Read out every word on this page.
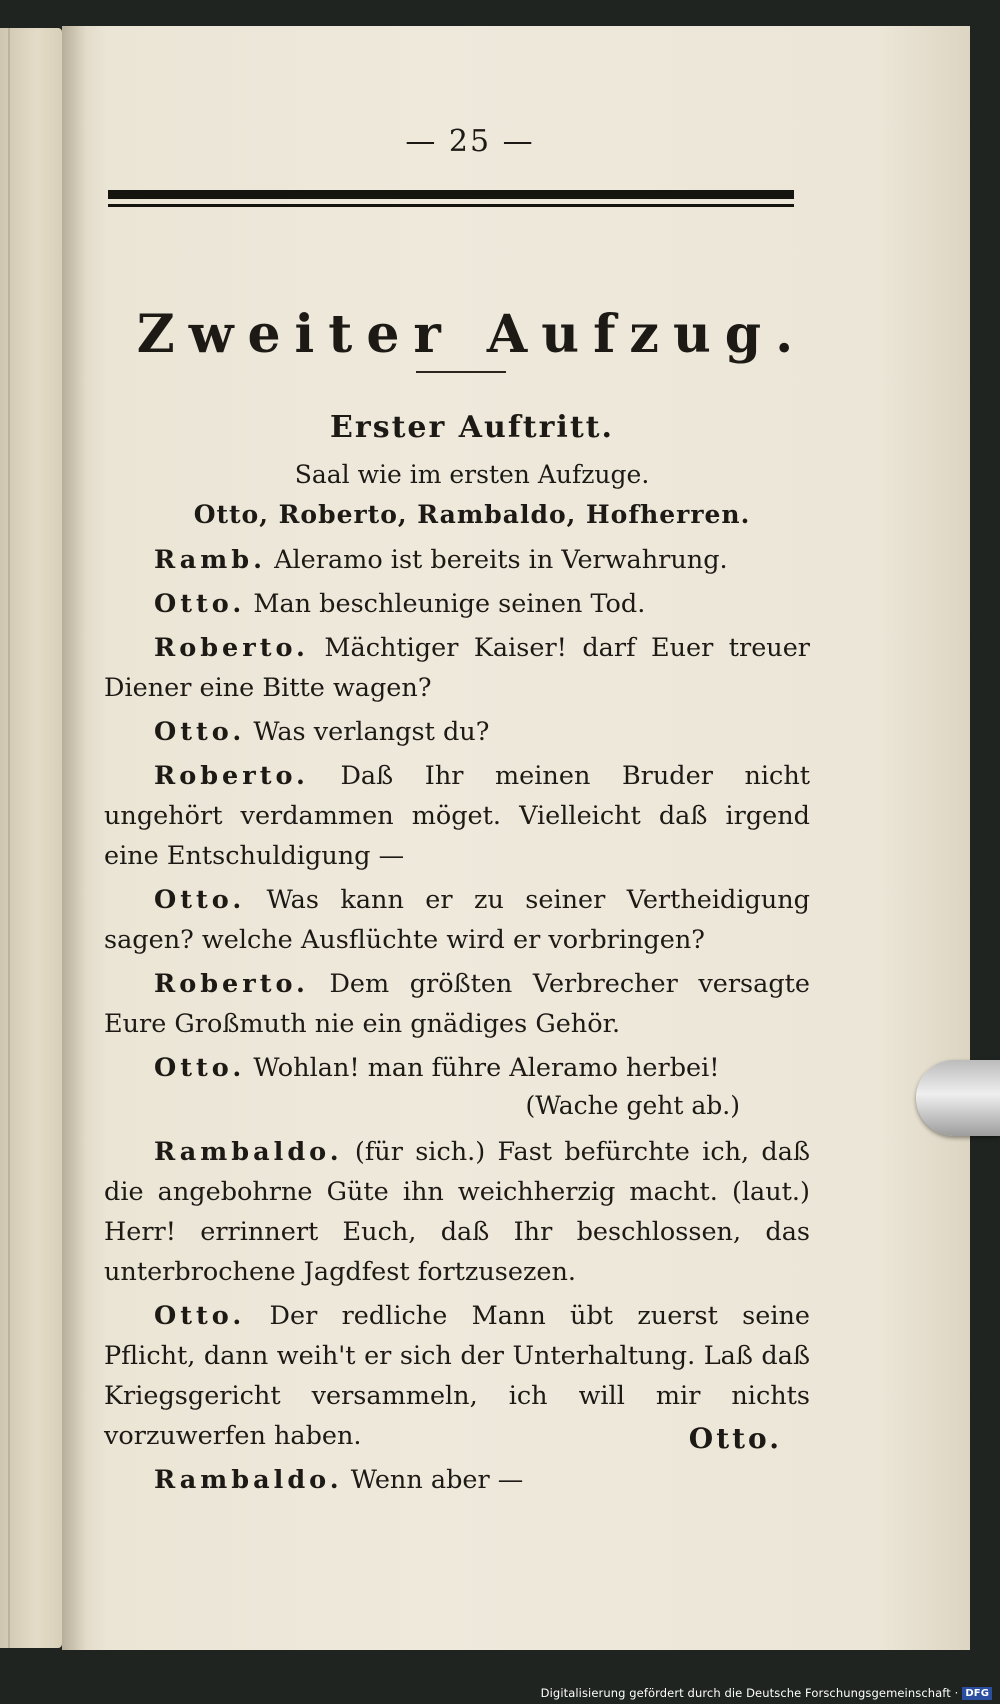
— 25 —
Zweiter Aufzug.
Erster Auftritt.
Saal wie im ersten Aufzuge.
Otto, Roberto, Rambaldo, Hofherren.

Ramb. Aleramo ist bereits in Verwahrung.

Otto. Man beschleunige seinen Tod.

Roberto. Mächtiger Kaiser! darf Euer treuer Diener eine Bitte wagen?

Otto. Was verlangst du?

Roberto. Daß Ihr meinen Bruder nicht ungehört verdammen möget. Vielleicht daß irgend eine Entschuldigung —

Otto. Was kann er zu seiner Vertheidigung sagen? welche Ausflüchte wird er vorbringen?

Roberto. Dem größten Verbrecher versagte Eure Großmuth nie ein gnädiges Gehör.

Otto. Wohlan! man führe Aleramo herbei!

(Wache geht ab.)

Rambaldo. (für sich.) Fast befürchte ich, daß die angebohrne Güte ihn weichherzig macht. (laut.) Herr! errinnert Euch, daß Ihr beschlossen, das unterbrochene Jagdfest fortzusezen.

Otto. Der redliche Mann übt zuerst seine Pflicht, dann weih't er sich der Unterhaltung. Laß daß Kriegsgericht versammeln, ich will mir nichts vorzuwerfen haben.

Rambaldo. Wenn aber —

Otto.
Digitalisierung gefördert durch die Deutsche Forschungsgemeinschaft · DFG
